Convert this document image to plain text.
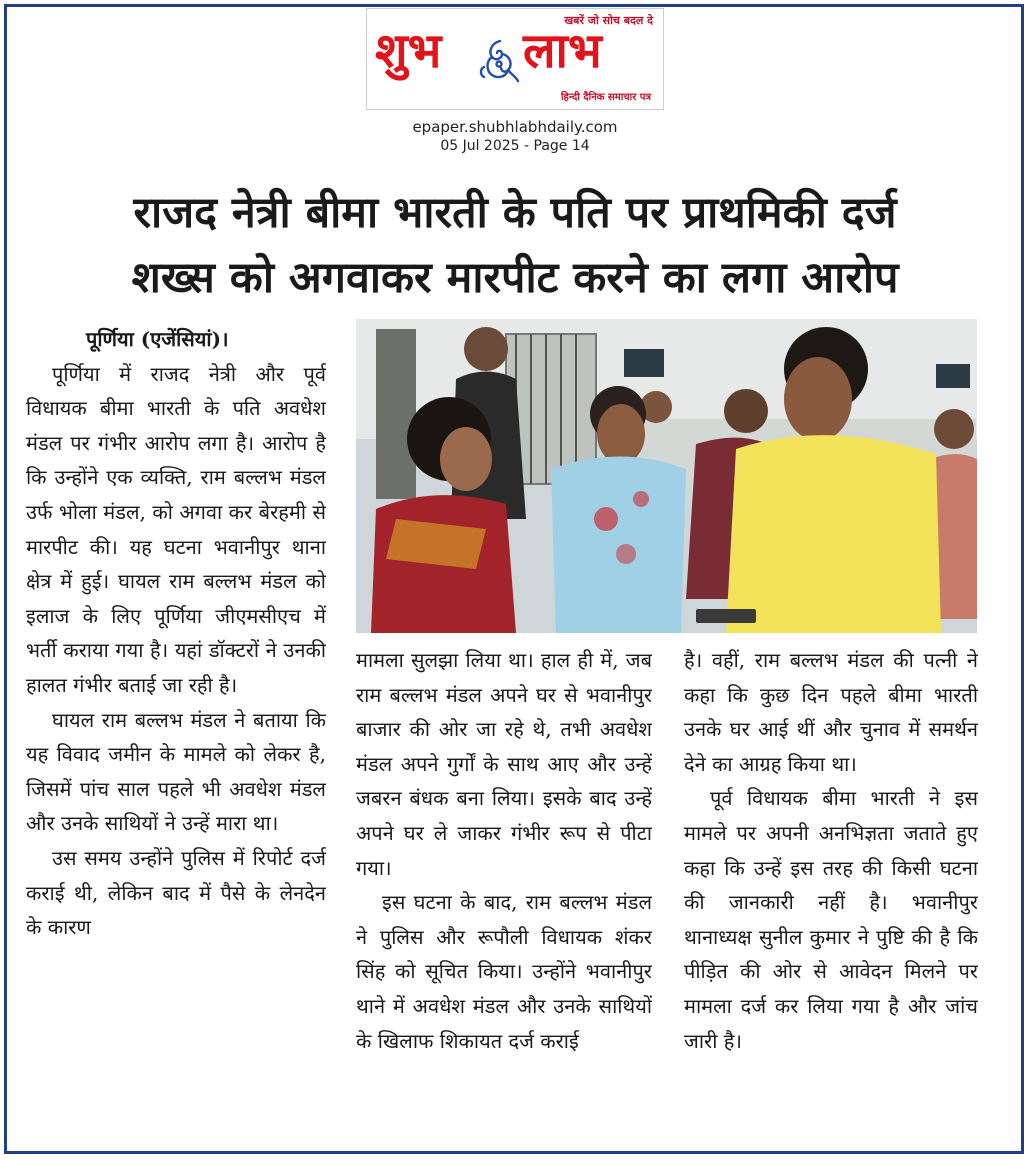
खबरें जो सोच बदल दे
शुभ लाभ
हिन्दी दैनिक समाचार पत्र
epaper.shubhlabhdaily.com
05 Jul 2025 - Page 14
राजद नेत्री बीमा भारती के पति पर प्राथमिकी दर्ज
शख्स को अगवाकर मारपीट करने का लगा आरोप
पूर्णिया (एजेंसियां)।

पूर्णिया में राजद नेत्री और पूर्व विधायक बीमा भारती के पति अवधेश मंडल पर गंभीर आरोप लगा है। आरोप है कि उन्होंने एक व्यक्ति, राम बल्लभ मंडल उर्फ भोला मंडल, को अगवा कर बेरहमी से मारपीट की। यह घटना भवानीपुर थाना क्षेत्र में हुई। घायल राम बल्लभ मंडल को इलाज के लिए पूर्णिया जीएमसीएच में भर्ती कराया गया है। यहां डॉक्टरों ने उनकी हालत गंभीर बताई जा रही है।

घायल राम बल्लभ मंडल ने बताया कि यह विवाद जमीन के मामले को लेकर है, जिसमें पांच साल पहले भी अवधेश मंडल और उनके साथियों ने उन्हें मारा था।

उस समय उन्होंने पुलिस में रिपोर्ट दर्ज कराई थी, लेकिन बाद में पैसे के लेनदेन के कारण

मामला सुलझा लिया था। हाल ही में, जब राम बल्लभ मंडल अपने घर से भवानीपुर बाजार की ओर जा रहे थे, तभी अवधेश मंडल अपने गुर्गों के साथ आए और उन्हें जबरन बंधक बना लिया। इसके बाद उन्हें अपने घर ले जाकर गंभीर रूप से पीटा गया।

इस घटना के बाद, राम बल्लभ मंडल ने पुलिस और रूपौली विधायक शंकर सिंह को सूचित किया। उन्होंने भवानीपुर थाने में अवधेश मंडल और उनके साथियों के खिलाफ शिकायत दर्ज कराई

है। वहीं, राम बल्लभ मंडल की पत्नी ने कहा कि कुछ दिन पहले बीमा भारती उनके घर आई थीं और चुनाव में समर्थन देने का आग्रह किया था।

पूर्व विधायक बीमा भारती ने इस मामले पर अपनी अनभिज्ञता जताते हुए कहा कि उन्हें इस तरह की किसी घटना की जानकारी नहीं है। भवानीपुर थानाध्यक्ष सुनील कुमार ने पुष्टि की है कि पीड़ित की ओर से आवेदन मिलने पर मामला दर्ज कर लिया गया है और जांच जारी है।
